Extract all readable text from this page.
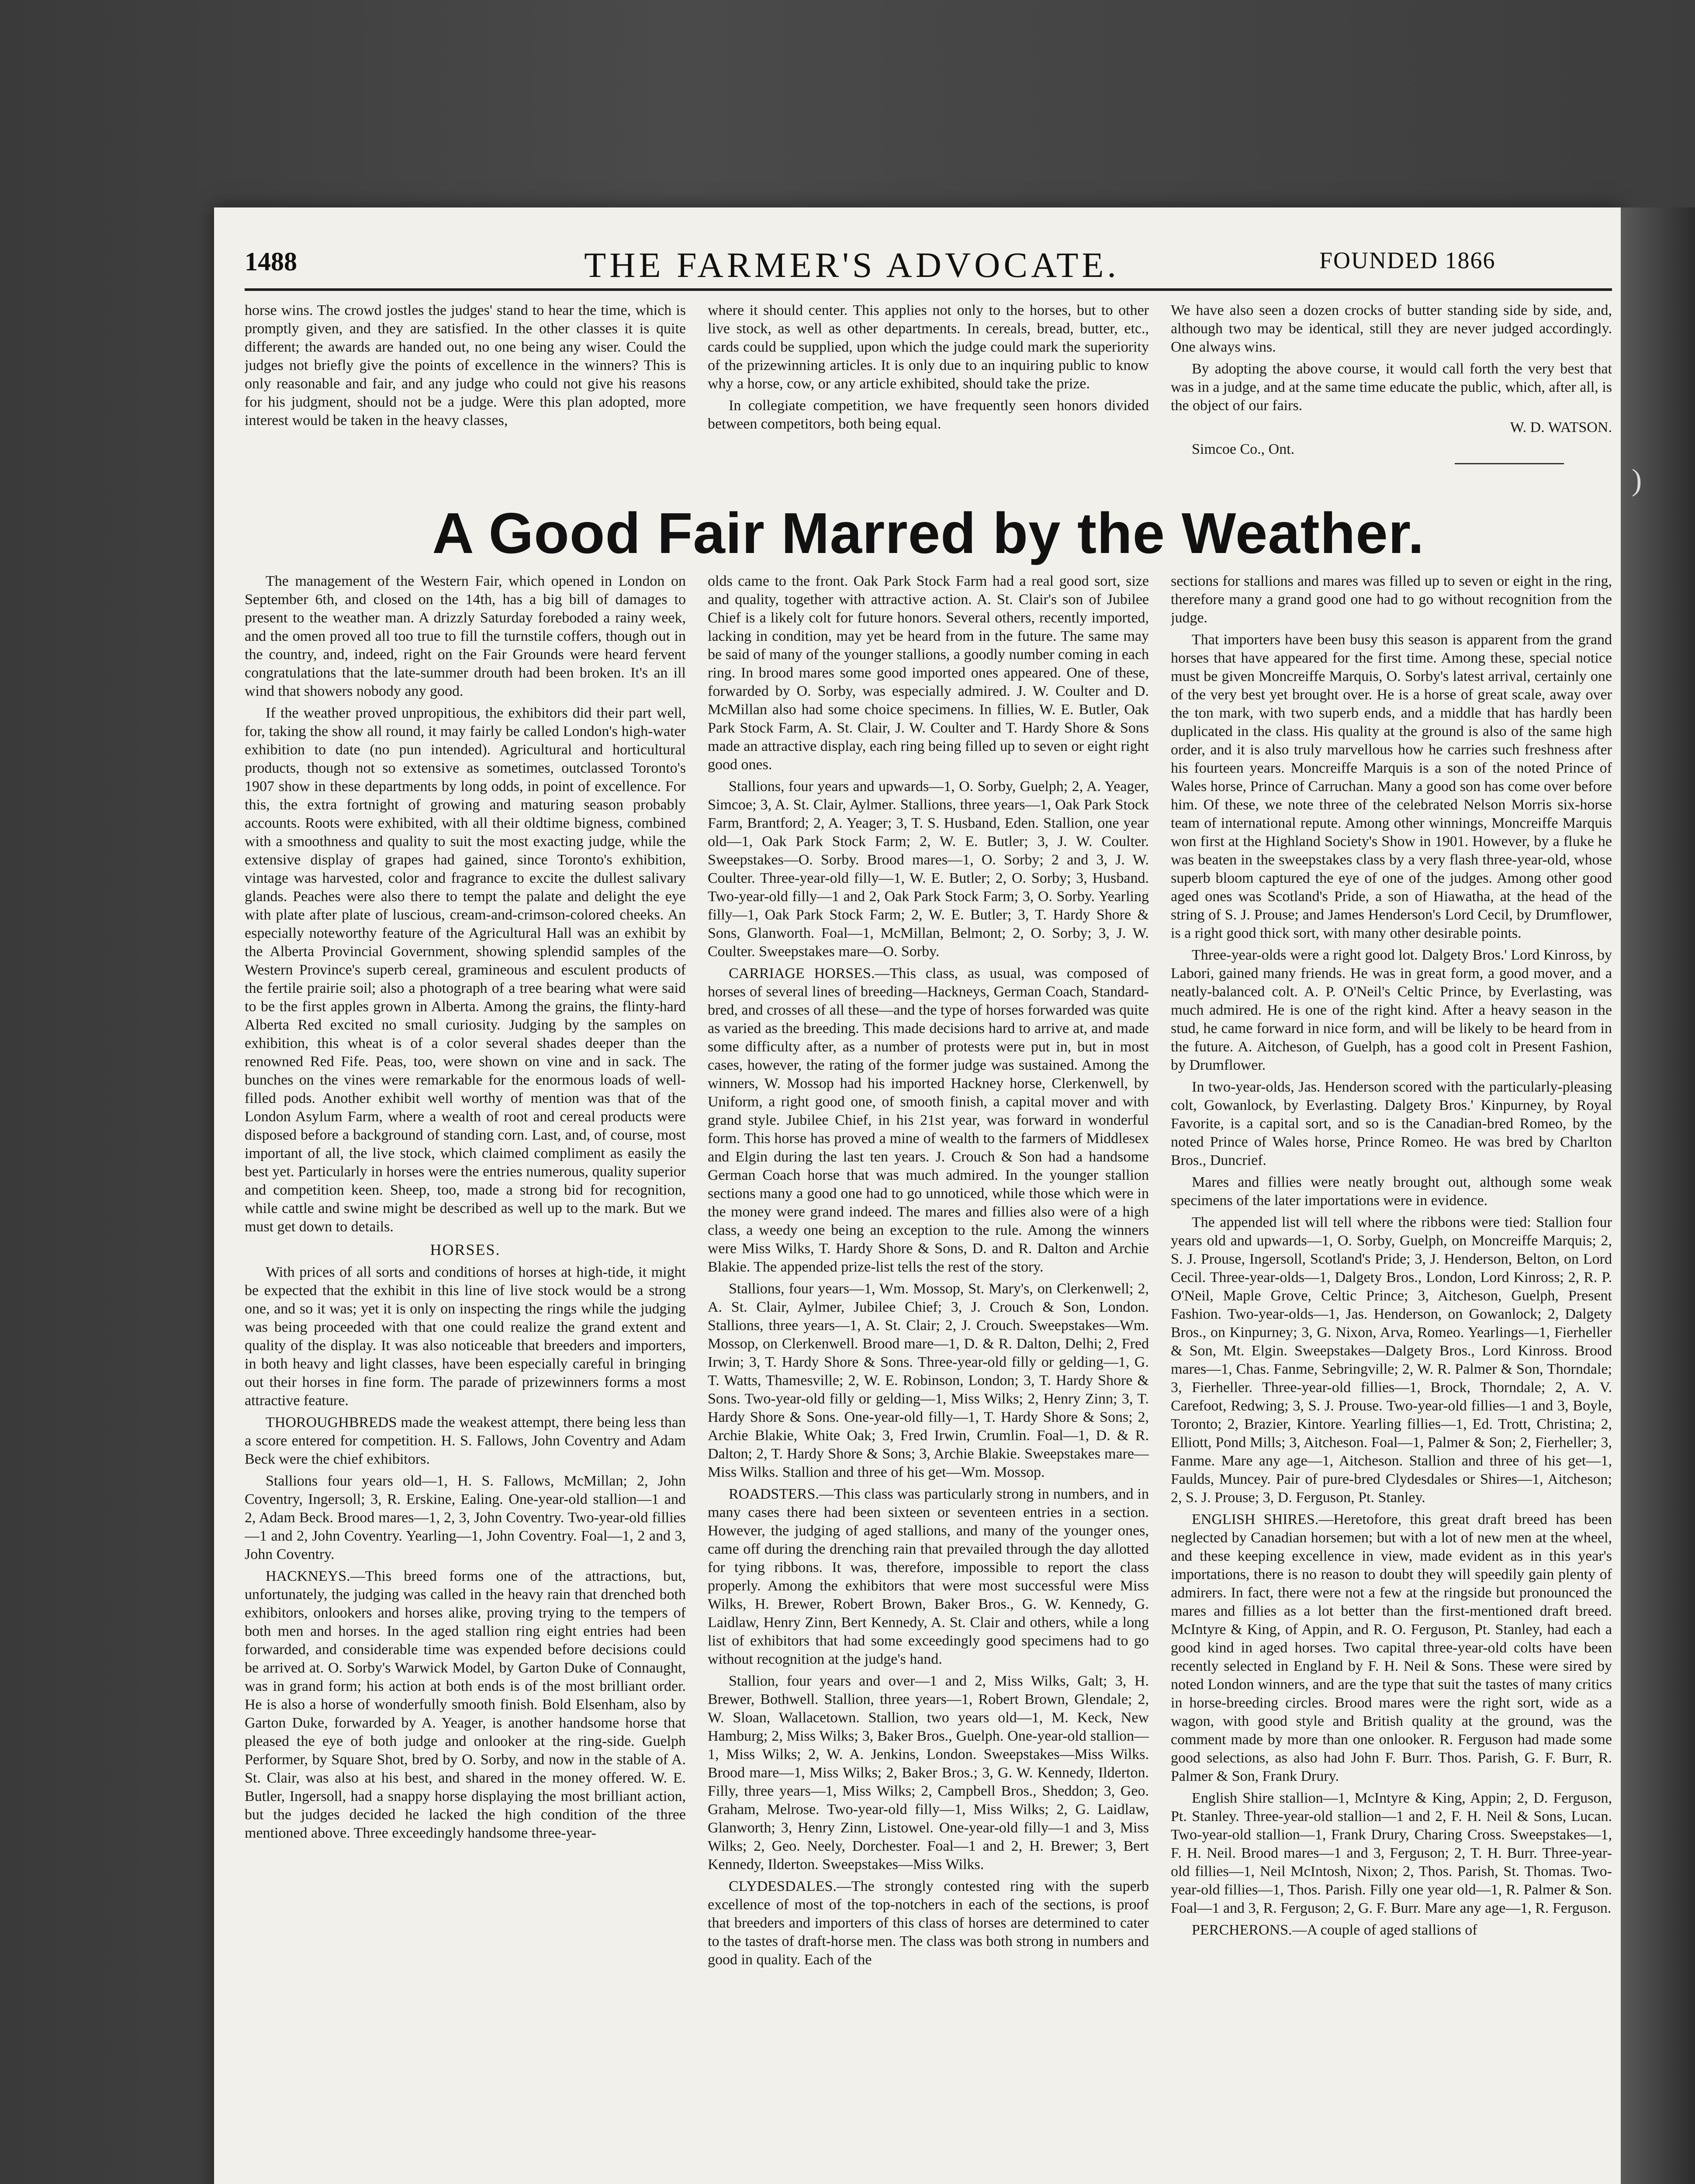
)
1488	THE FARMER'S ADVOCATE.	FOUNDED 1866

horse wins. The crowd jostles the judges' stand to hear the time, which is promptly given, and they are satisfied. In the other classes it is quite different; the awards are handed out, no one being any wiser. Could the judges not briefly give the points of excellence in the winners? This is only reasonable and fair, and any judge who could not give his reasons for his judgment, should not be a judge. Were this plan adopted, more interest would be taken in the heavy classes,

where it should center. This applies not only to the horses, but to other live stock, as well as other departments. In cereals, bread, butter, etc., cards could be supplied, upon which the judge could mark the superiority of the prizewinning articles. It is only due to an inquiring public to know why a horse, cow, or any article exhibited, should take the prize.

In collegiate competition, we have frequently seen honors divided between competitors, both being equal.

We have also seen a dozen crocks of butter standing side by side, and, although two may be identical, still they are never judged accordingly. One always wins.

By adopting the above course, it would call forth the very best that was in a judge, and at the same time educate the public, which, after all, is the object of our fairs.

W. D. WATSON.

Simcoe Co., Ont.

A Good Fair Marred by the Weather.

The management of the Western Fair, which opened in London on September 6th, and closed on the 14th, has a big bill of damages to present to the weather man. A drizzly Saturday foreboded a rainy week, and the omen proved all too true to fill the turnstile coffers, though out in the country, and, indeed, right on the Fair Grounds were heard fervent congratulations that the late-summer drouth had been broken. It's an ill wind that showers nobody any good.

If the weather proved unpropitious, the exhibitors did their part well, for, taking the show all round, it may fairly be called London's high-water exhibition to date (no pun intended). Agricultural and horticultural products, though not so extensive as sometimes, outclassed Toronto's 1907 show in these departments by long odds, in point of excellence. For this, the extra fortnight of growing and maturing season probably accounts. Roots were exhibited, with all their oldtime bigness, combined with a smoothness and quality to suit the most exacting judge, while the extensive display of grapes had gained, since Toronto's exhibition, vintage was harvested, color and fragrance to excite the dullest salivary glands. Peaches were also there to tempt the palate and delight the eye with plate after plate of luscious, cream-and-crimson-colored cheeks. An especially noteworthy feature of the Agricultural Hall was an exhibit by the Alberta Provincial Government, showing splendid samples of the Western Province's superb cereal, gramineous and esculent products of the fertile prairie soil; also a photograph of a tree bearing what were said to be the first apples grown in Alberta. Among the grains, the flinty-hard Alberta Red excited no small curiosity. Judging by the samples on exhibition, this wheat is of a color several shades deeper than the renowned Red Fife. Peas, too, were shown on vine and in sack. The bunches on the vines were remarkable for the enormous loads of well-filled pods. Another exhibit well worthy of mention was that of the London Asylum Farm, where a wealth of root and cereal products were disposed before a background of standing corn. Last, and, of course, most important of all, the live stock, which claimed compliment as easily the best yet. Particularly in horses were the entries numerous, quality superior and competition keen. Sheep, too, made a strong bid for recognition, while cattle and swine might be described as well up to the mark. But we must get down to details.

HORSES.

With prices of all sorts and conditions of horses at high-tide, it might be expected that the exhibit in this line of live stock would be a strong one, and so it was; yet it is only on inspecting the rings while the judging was being proceeded with that one could realize the grand extent and quality of the display. It was also noticeable that breeders and importers, in both heavy and light classes, have been especially careful in bringing out their horses in fine form. The parade of prizewinners forms a most attractive feature.

THOROUGHBREDS made the weakest attempt, there being less than a score entered for competition. H. S. Fallows, John Coventry and Adam Beck were the chief exhibitors.

Stallions four years old—1, H. S. Fallows, McMillan; 2, John Coventry, Ingersoll; 3, R. Erskine, Ealing. One-year-old stallion—1 and 2, Adam Beck. Brood mares—1, 2, 3, John Coventry. Two-year-old fillies—1 and 2, John Coventry. Yearling—1, John Coventry. Foal—1, 2 and 3, John Coventry.

HACKNEYS.—This breed forms one of the attractions, but, unfortunately, the judging was called in the heavy rain that drenched both exhibitors, onlookers and horses alike, proving trying to the tempers of both men and horses. In the aged stallion ring eight entries had been forwarded, and considerable time was expended before decisions could be arrived at. O. Sorby's Warwick Model, by Garton Duke of Connaught, was in grand form; his action at both ends is of the most brilliant order. He is also a horse of wonderfully smooth finish. Bold Elsenham, also by Garton Duke, forwarded by A. Yeager, is another handsome horse that pleased the eye of both judge and onlooker at the ring-side. Guelph Performer, by Square Shot, bred by O. Sorby, and now in the stable of A. St. Clair, was also at his best, and shared in the money offered. W. E. Butler, Ingersoll, had a snappy horse displaying the most brilliant action, but the judges decided he lacked the high condition of the three mentioned above. Three exceedingly handsome three-year-

olds came to the front. Oak Park Stock Farm had a real good sort, size and quality, together with attractive action. A. St. Clair's son of Jubilee Chief is a likely colt for future honors. Several others, recently imported, lacking in condition, may yet be heard from in the future. The same may be said of many of the younger stallions, a goodly number coming in each ring. In brood mares some good imported ones appeared. One of these, forwarded by O. Sorby, was especially admired. J. W. Coulter and D. McMillan also had some choice specimens. In fillies, W. E. Butler, Oak Park Stock Farm, A. St. Clair, J. W. Coulter and T. Hardy Shore & Sons made an attractive display, each ring being filled up to seven or eight right good ones.

Stallions, four years and upwards—1, O. Sorby, Guelph; 2, A. Yeager, Simcoe; 3, A. St. Clair, Aylmer. Stallions, three years—1, Oak Park Stock Farm, Brantford; 2, A. Yeager; 3, T. S. Husband, Eden. Stallion, one year old—1, Oak Park Stock Farm; 2, W. E. Butler; 3, J. W. Coulter. Sweepstakes—O. Sorby. Brood mares—1, O. Sorby; 2 and 3, J. W. Coulter. Three-year-old filly—1, W. E. Butler; 2, O. Sorby; 3, Husband. Two-year-old filly—1 and 2, Oak Park Stock Farm; 3, O. Sorby. Yearling filly—1, Oak Park Stock Farm; 2, W. E. Butler; 3, T. Hardy Shore & Sons, Glanworth. Foal—1, McMillan, Belmont; 2, O. Sorby; 3, J. W. Coulter. Sweepstakes mare—O. Sorby.

CARRIAGE HORSES.—This class, as usual, was composed of horses of several lines of breeding—Hackneys, German Coach, Standard-bred, and crosses of all these—and the type of horses forwarded was quite as varied as the breeding. This made decisions hard to arrive at, and made some difficulty after, as a number of protests were put in, but in most cases, however, the rating of the former judge was sustained. Among the winners, W. Mossop had his imported Hackney horse, Clerkenwell, by Uniform, a right good one, of smooth finish, a capital mover and with grand style. Jubilee Chief, in his 21st year, was forward in wonderful form. This horse has proved a mine of wealth to the farmers of Middlesex and Elgin during the last ten years. J. Crouch & Son had a handsome German Coach horse that was much admired. In the younger stallion sections many a good one had to go unnoticed, while those which were in the money were grand indeed. The mares and fillies also were of a high class, a weedy one being an exception to the rule. Among the winners were Miss Wilks, T. Hardy Shore & Sons, D. and R. Dalton and Archie Blakie. The appended prize-list tells the rest of the story.

Stallions, four years—1, Wm. Mossop, St. Mary's, on Clerkenwell; 2, A. St. Clair, Aylmer, Jubilee Chief; 3, J. Crouch & Son, London. Stallions, three years—1, A. St. Clair; 2, J. Crouch. Sweepstakes—Wm. Mossop, on Clerkenwell. Brood mare—1, D. & R. Dalton, Delhi; 2, Fred Irwin; 3, T. Hardy Shore & Sons. Three-year-old filly or gelding—1, G. T. Watts, Thamesville; 2, W. E. Robinson, London; 3, T. Hardy Shore & Sons. Two-year-old filly or gelding—1, Miss Wilks; 2, Henry Zinn; 3, T. Hardy Shore & Sons. One-year-old filly—1, T. Hardy Shore & Sons; 2, Archie Blakie, White Oak; 3, Fred Irwin, Crumlin. Foal—1, D. & R. Dalton; 2, T. Hardy Shore & Sons; 3, Archie Blakie. Sweepstakes mare—Miss Wilks. Stallion and three of his get—Wm. Mossop.

ROADSTERS.—This class was particularly strong in numbers, and in many cases there had been sixteen or seventeen entries in a section. However, the judging of aged stallions, and many of the younger ones, came off during the drenching rain that prevailed through the day allotted for tying ribbons. It was, therefore, impossible to report the class properly. Among the exhibitors that were most successful were Miss Wilks, H. Brewer, Robert Brown, Baker Bros., G. W. Kennedy, G. Laidlaw, Henry Zinn, Bert Kennedy, A. St. Clair and others, while a long list of exhibitors that had some exceedingly good specimens had to go without recognition at the judge's hand.

Stallion, four years and over—1 and 2, Miss Wilks, Galt; 3, H. Brewer, Bothwell. Stallion, three years—1, Robert Brown, Glendale; 2, W. Sloan, Wallacetown. Stallion, two years old—1, M. Keck, New Hamburg; 2, Miss Wilks; 3, Baker Bros., Guelph. One-year-old stallion—1, Miss Wilks; 2, W. A. Jenkins, London. Sweepstakes—Miss Wilks. Brood mare—1, Miss Wilks; 2, Baker Bros.; 3, G. W. Kennedy, Ilderton. Filly, three years—1, Miss Wilks; 2, Campbell Bros., Sheddon; 3, Geo. Graham, Melrose. Two-year-old filly—1, Miss Wilks; 2, G. Laidlaw, Glanworth; 3, Henry Zinn, Listowel. One-year-old filly—1 and 3, Miss Wilks; 2, Geo. Neely, Dorchester. Foal—1 and 2, H. Brewer; 3, Bert Kennedy, Ilderton. Sweepstakes—Miss Wilks.

CLYDESDALES.—The strongly contested ring with the superb excellence of most of the top-notchers in each of the sections, is proof that breeders and importers of this class of horses are determined to cater to the tastes of draft-horse men. The class was both strong in numbers and good in quality. Each of the

sections for stallions and mares was filled up to seven or eight in the ring, therefore many a grand good one had to go without recognition from the judge.

That importers have been busy this season is apparent from the grand horses that have appeared for the first time. Among these, special notice must be given Moncreiffe Marquis, O. Sorby's latest arrival, certainly one of the very best yet brought over. He is a horse of great scale, away over the ton mark, with two superb ends, and a middle that has hardly been duplicated in the class. His quality at the ground is also of the same high order, and it is also truly marvellous how he carries such freshness after his fourteen years. Moncreiffe Marquis is a son of the noted Prince of Wales horse, Prince of Carruchan. Many a good son has come over before him. Of these, we note three of the celebrated Nelson Morris six-horse team of international repute. Among other winnings, Moncreiffe Marquis won first at the Highland Society's Show in 1901. However, by a fluke he was beaten in the sweepstakes class by a very flash three-year-old, whose superb bloom captured the eye of one of the judges. Among other good aged ones was Scotland's Pride, a son of Hiawatha, at the head of the string of S. J. Prouse; and James Henderson's Lord Cecil, by Drumflower, is a right good thick sort, with many other desirable points.

Three-year-olds were a right good lot. Dalgety Bros.' Lord Kinross, by Labori, gained many friends. He was in great form, a good mover, and a neatly-balanced colt. A. P. O'Neil's Celtic Prince, by Everlasting, was much admired. He is one of the right kind. After a heavy season in the stud, he came forward in nice form, and will be likely to be heard from in the future. A. Aitcheson, of Guelph, has a good colt in Present Fashion, by Drumflower.

In two-year-olds, Jas. Henderson scored with the particularly-pleasing colt, Gowanlock, by Everlasting. Dalgety Bros.' Kinpurney, by Royal Favorite, is a capital sort, and so is the Canadian-bred Romeo, by the noted Prince of Wales horse, Prince Romeo. He was bred by Charlton Bros., Duncrief.

Mares and fillies were neatly brought out, although some weak specimens of the later importations were in evidence.

The appended list will tell where the ribbons were tied: Stallion four years old and upwards—1, O. Sorby, Guelph, on Moncreiffe Marquis; 2, S. J. Prouse, Ingersoll, Scotland's Pride; 3, J. Henderson, Belton, on Lord Cecil. Three-year-olds—1, Dalgety Bros., London, Lord Kinross; 2, R. P. O'Neil, Maple Grove, Celtic Prince; 3, Aitcheson, Guelph, Present Fashion. Two-year-olds—1, Jas. Henderson, on Gowanlock; 2, Dalgety Bros., on Kinpurney; 3, G. Nixon, Arva, Romeo. Yearlings—1, Fierheller & Son, Mt. Elgin. Sweepstakes—Dalgety Bros., Lord Kinross. Brood mares—1, Chas. Fanme, Sebringville; 2, W. R. Palmer & Son, Thorndale; 3, Fierheller. Three-year-old fillies—1, Brock, Thorndale; 2, A. V. Carefoot, Redwing; 3, S. J. Prouse. Two-year-old fillies—1 and 3, Boyle, Toronto; 2, Brazier, Kintore. Yearling fillies—1, Ed. Trott, Christina; 2, Elliott, Pond Mills; 3, Aitcheson. Foal—1, Palmer & Son; 2, Fierheller; 3, Fanme. Mare any age—1, Aitcheson. Stallion and three of his get—1, Faulds, Muncey. Pair of pure-bred Clydesdales or Shires—1, Aitcheson; 2, S. J. Prouse; 3, D. Ferguson, Pt. Stanley.

ENGLISH SHIRES.—Heretofore, this great draft breed has been neglected by Canadian horsemen; but with a lot of new men at the wheel, and these keeping excellence in view, made evident as in this year's importations, there is no reason to doubt they will speedily gain plenty of admirers. In fact, there were not a few at the ringside but pronounced the mares and fillies as a lot better than the first-mentioned draft breed. McIntyre & King, of Appin, and R. O. Ferguson, Pt. Stanley, had each a good kind in aged horses. Two capital three-year-old colts have been recently selected in England by F. H. Neil & Sons. These were sired by noted London winners, and are the type that suit the tastes of many critics in horse-breeding circles. Brood mares were the right sort, wide as a wagon, with good style and British quality at the ground, was the comment made by more than one onlooker. R. Ferguson had made some good selections, as also had John F. Burr. Thos. Parish, G. F. Burr, R. Palmer & Son, Frank Drury.

English Shire stallion—1, McIntyre & King, Appin; 2, D. Ferguson, Pt. Stanley. Three-year-old stallion—1 and 2, F. H. Neil & Sons, Lucan. Two-year-old stallion—1, Frank Drury, Charing Cross. Sweepstakes—1, F. H. Neil. Brood mares—1 and 3, Ferguson; 2, T. H. Burr. Three-year-old fillies—1, Neil McIntosh, Nixon; 2, Thos. Parish, St. Thomas. Two-year-old fillies—1, Thos. Parish. Filly one year old—1, R. Palmer & Son. Foal—1 and 3, R. Ferguson; 2, G. F. Burr. Mare any age—1, R. Ferguson.

PERCHERONS.—A couple of aged stallions of
